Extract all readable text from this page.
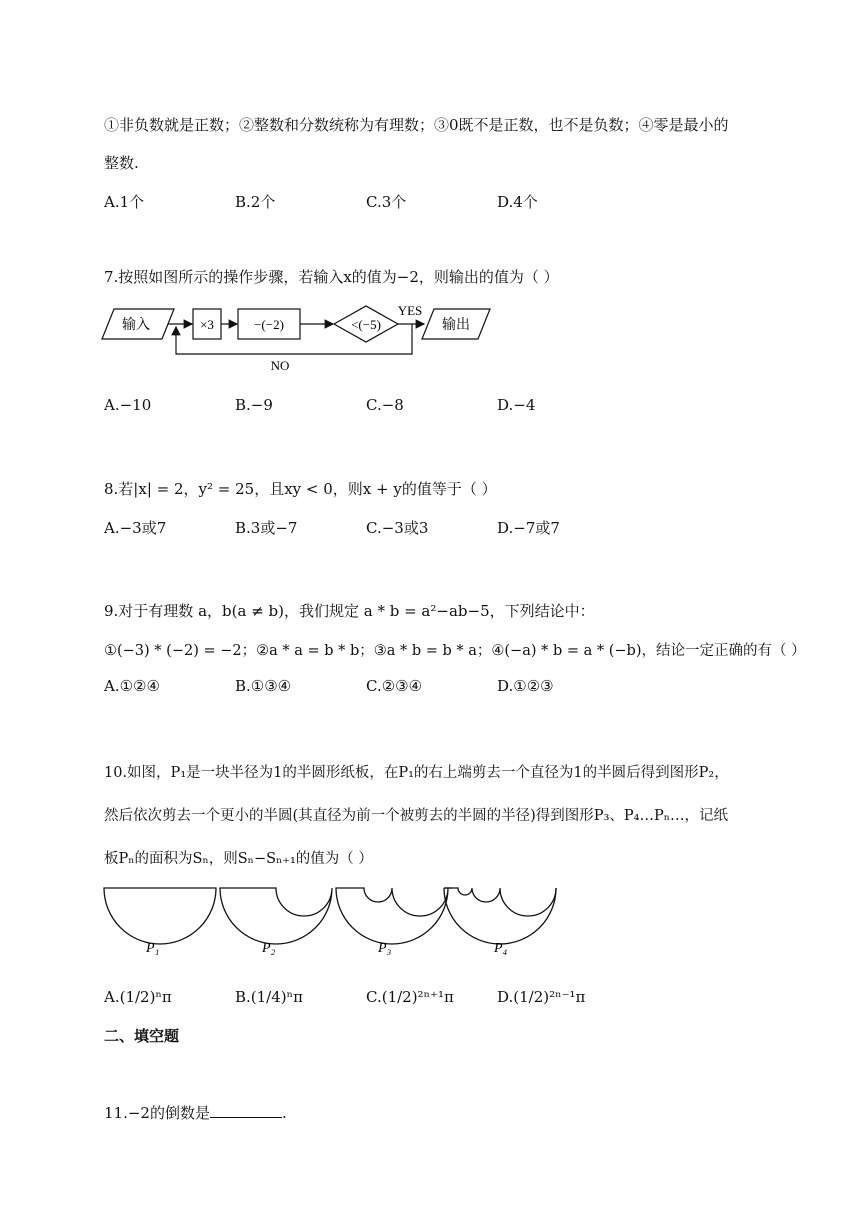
①非负数就是正数；②整数和分数统称为有理数；③0既不是正数，也不是负数；④零是最小的
整数.
A.1个	B.2个	C.3个	D.4个
7.按照如图所示的操作步骤，若输入x的值为−2，则输出的值为（ ）
输入	×3	−(−2)	<(−5)
YES
输出
NO
A.−10	B.−9	C.−8	D.−4
8.若|x| = 2，y² = 25，且xy < 0，则x + y的值等于（ ）
A.−3或7	B.3或−7	C.−3或3	D.−7或7
9.对于有理数 a，b(a ≠ b)，我们规定 a * b = a²−ab−5，下列结论中：
①(−3) * (−2) = −2；②a * a = b * b；③a * b = b * a；④(−a) * b = a * (−b)，结论一定正确的有（ ）
A.①②④	B.①③④	C.②③④	D.①②③
10.如图，P₁是一块半径为1的半圆形纸板，在P₁的右上端剪去一个直径为1的半圆后得到图形P₂，
然后依次剪去一个更小的半圆(其直径为前一个被剪去的半圆的半径)得到图形P₃、P₄…Pₙ…，记纸
板Pₙ的面积为Sₙ，则Sₙ−Sₙ₊₁的值为（ ）
P₁	P₂	P₃	P₄
A.(1/2)ⁿπ	B.(1/4)ⁿπ	C.(1/2)²ⁿ⁺¹π	D.(1/2)²ⁿ⁻¹π
二、填空题
11.−2的倒数是	.
